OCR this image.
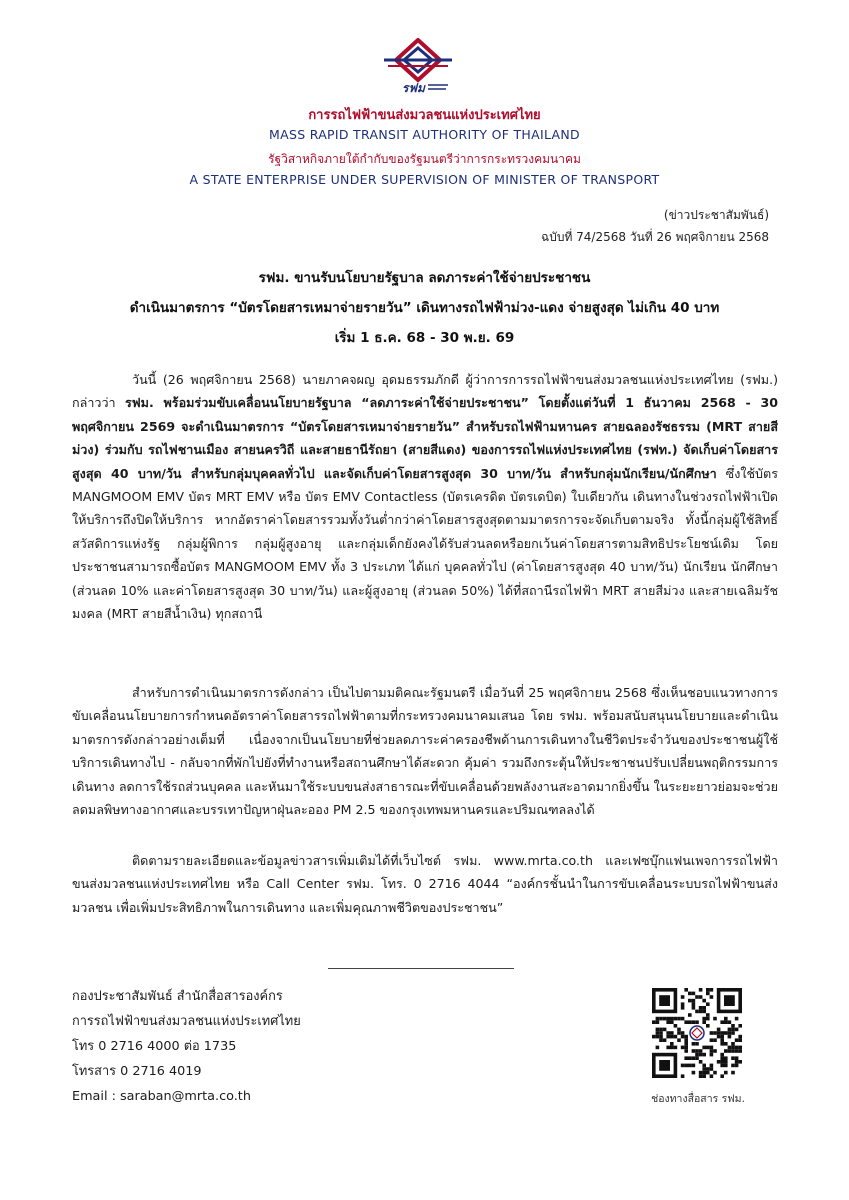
รฟม
การรถไฟฟ้าขนส่งมวลชนแห่งประเทศไทย
MASS RAPID TRANSIT AUTHORITY OF THAILAND
รัฐวิสาหกิจภายใต้กำกับของรัฐมนตรีว่าการกระทรวงคมนาคม
A STATE ENTERPRISE UNDER SUPERVISION OF MINISTER OF TRANSPORT
(ข่าวประชาสัมพันธ์)
ฉบับที่ 74/2568 วันที่ 26 พฤศจิกายน 2568
รฟม. ขานรับนโยบายรัฐบาล ลดภาระค่าใช้จ่ายประชาชน
ดำเนินมาตรการ “บัตรโดยสารเหมาจ่ายรายวัน” เดินทางรถไฟฟ้าม่วง-แดง จ่ายสูงสุด ไม่เกิน 40 บาท
เริ่ม 1 ธ.ค. 68 - 30 พ.ย. 69

วันนี้ (26 พฤศจิกายน 2568) นายภาคจผญ อุดมธรรมภักดี ผู้ว่าการการรถไฟฟ้าขนส่งมวลชนแห่งประเทศไทย (รฟม.) กล่าวว่า รฟม. พร้อมร่วมขับเคลื่อนนโยบายรัฐบาล “ลดภาระค่าใช้จ่ายประชาชน” โดยตั้งแต่วันที่ 1 ธันวาคม 2568 - 30 พฤศจิกายน 2569 จะดำเนินมาตรการ “บัตรโดยสารเหมาจ่ายรายวัน” สำหรับรถไฟฟ้ามหานคร สายฉลองรัชธรรม (MRT สายสีม่วง) ร่วมกับ รถไฟชานเมือง สายนครวิถี และสายธานีรัถยา (สายสีแดง) ของการรถไฟแห่งประเทศไทย (รฟท.) จัดเก็บค่าโดยสารสูงสุด 40 บาท/วัน สำหรับกลุ่มบุคคลทั่วไป และจัดเก็บค่าโดยสารสูงสุด 30 บาท/วัน สำหรับกลุ่มนักเรียน/นักศึกษา ซึ่งใช้บัตร MANGMOOM EMV บัตร MRT EMV หรือ บัตร EMV Contactless (บัตรเครดิต บัตรเดบิต) ใบเดียวกัน เดินทางในช่วงรถไฟฟ้าเปิดให้บริการถึงปิดให้บริการ หากอัตราค่าโดยสารรวมทั้งวันต่ำกว่าค่าโดยสารสูงสุดตามมาตรการจะจัดเก็บตามจริง ทั้งนี้กลุ่มผู้ใช้สิทธิ์สวัสดิการแห่งรัฐ กลุ่มผู้พิการ กลุ่มผู้สูงอายุ และกลุ่มเด็กยังคงได้รับส่วนลดหรือยกเว้นค่าโดยสารตามสิทธิประโยชน์เดิม โดยประชาชนสามารถซื้อบัตร MANGMOOM EMV ทั้ง 3 ประเภท ได้แก่ บุคคลทั่วไป (ค่าโดยสารสูงสุด 40 บาท/วัน) นักเรียน นักศึกษา (ส่วนลด 10% และค่าโดยสารสูงสุด 30 บาท/วัน) และผู้สูงอายุ (ส่วนลด 50%) ได้ที่สถานีรถไฟฟ้า MRT สายสีม่วง และสายเฉลิมรัชมงคล (MRT สายสีน้ำเงิน) ทุกสถานี

สำหรับการดำเนินมาตรการดังกล่าว เป็นไปตามมติคณะรัฐมนตรี เมื่อวันที่ 25 พฤศจิกายน 2568 ซึ่งเห็นชอบแนวทางการขับเคลื่อนนโยบายการกำหนดอัตราค่าโดยสารรถไฟฟ้าตามที่กระทรวงคมนาคมเสนอ โดย รฟม. พร้อมสนับสนุนนโยบายและดำเนินมาตรการดังกล่าวอย่างเต็มที่ เนื่องจากเป็นนโยบายที่ช่วยลดภาระค่าครองชีพด้านการเดินทางในชีวิตประจำวันของประชาชนผู้ใช้บริการเดินทางไป - กลับจากที่พักไปยังที่ทำงานหรือสถานศึกษาได้สะดวก คุ้มค่า รวมถึงกระตุ้นให้ประชาชนปรับเปลี่ยนพฤติกรรมการเดินทาง ลดการใช้รถส่วนบุคคล และหันมาใช้ระบบขนส่งสาธารณะที่ขับเคลื่อนด้วยพลังงานสะอาดมากยิ่งขึ้น ในระยะยาวย่อมจะช่วยลดมลพิษทางอากาศและบรรเทาปัญหาฝุ่นละออง PM 2.5 ของกรุงเทพมหานครและปริมณฑลลงได้

ติดตามรายละเอียดและข้อมูลข่าวสารเพิ่มเติมได้ที่เว็บไซต์ รฟม. www.mrta.co.th และเฟซบุ๊กแฟนเพจการรถไฟฟ้าขนส่งมวลชนแห่งประเทศไทย หรือ Call Center รฟม. โทร. 0 2716 4044 “องค์กรชั้นนำในการขับเคลื่อนระบบรถไฟฟ้าขนส่งมวลชน เพื่อเพิ่มประสิทธิภาพในการเดินทาง และเพิ่มคุณภาพชีวิตของประชาชน”

กองประชาสัมพันธ์ สำนักสื่อสารองค์กร
การรถไฟฟ้าขนส่งมวลชนแห่งประเทศไทย
โทร 0 2716 4000 ต่อ 1735
โทรสาร 0 2716 4019
Email : saraban@mrta.co.th	ช่องทางสื่อสาร รฟม.
